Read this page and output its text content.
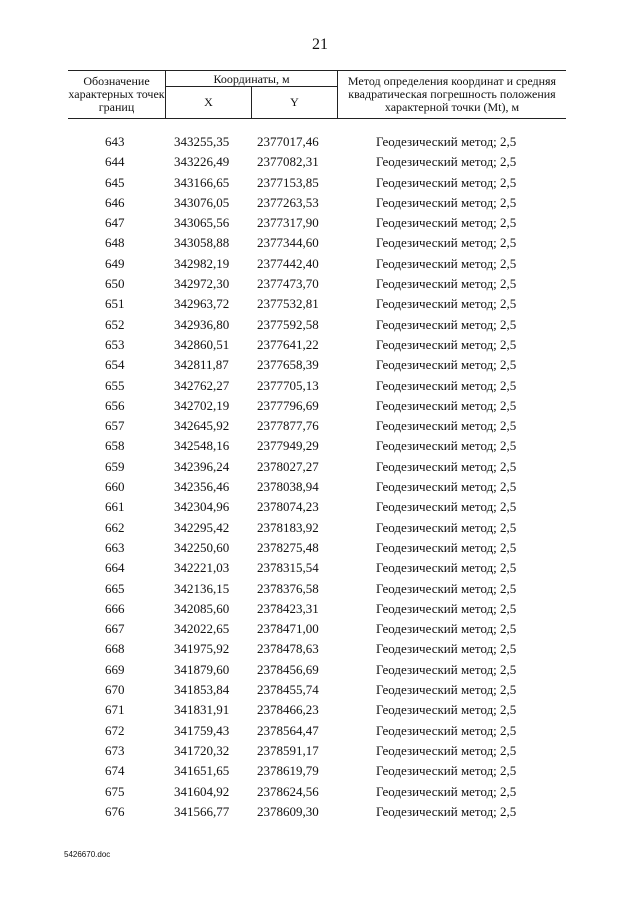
21
Обозначение характерных точек границ
Координаты, м
X	Y
Метод определения координат и средняя квадратическая погрешность положения характерной точки (Mt), м
643	343255,35 2377017,46	Геодезический метод; 2,5
644	343226,49 2377082,31	Геодезический метод; 2,5
645	343166,65 2377153,85	Геодезический метод; 2,5
646	343076,05 2377263,53	Геодезический метод; 2,5
647	343065,56 2377317,90	Геодезический метод; 2,5
648	343058,88 2377344,60	Геодезический метод; 2,5
649	342982,19 2377442,40	Геодезический метод; 2,5
650	342972,30 2377473,70	Геодезический метод; 2,5
651	342963,72 2377532,81	Геодезический метод; 2,5
652	342936,80 2377592,58	Геодезический метод; 2,5
653	342860,51 2377641,22	Геодезический метод; 2,5
654	342811,87 2377658,39	Геодезический метод; 2,5
655	342762,27 2377705,13	Геодезический метод; 2,5
656	342702,19 2377796,69	Геодезический метод; 2,5
657	342645,92 2377877,76	Геодезический метод; 2,5
658	342548,16 2377949,29	Геодезический метод; 2,5
659	342396,24 2378027,27	Геодезический метод; 2,5
660	342356,46 2378038,94	Геодезический метод; 2,5
661	342304,96 2378074,23	Геодезический метод; 2,5
662	342295,42 2378183,92	Геодезический метод; 2,5
663	342250,60 2378275,48	Геодезический метод; 2,5
664	342221,03 2378315,54	Геодезический метод; 2,5
665	342136,15 2378376,58	Геодезический метод; 2,5
666	342085,60 2378423,31	Геодезический метод; 2,5
667	342022,65 2378471,00	Геодезический метод; 2,5
668	341975,92 2378478,63	Геодезический метод; 2,5
669	341879,60 2378456,69	Геодезический метод; 2,5
670	341853,84 2378455,74	Геодезический метод; 2,5
671	341831,91 2378466,23	Геодезический метод; 2,5
672	341759,43 2378564,47	Геодезический метод; 2,5
673	341720,32 2378591,17	Геодезический метод; 2,5
674	341651,65 2378619,79	Геодезический метод; 2,5
675	341604,92 2378624,56	Геодезический метод; 2,5
676	341566,77 2378609,30	Геодезический метод; 2,5
5426670.doc
